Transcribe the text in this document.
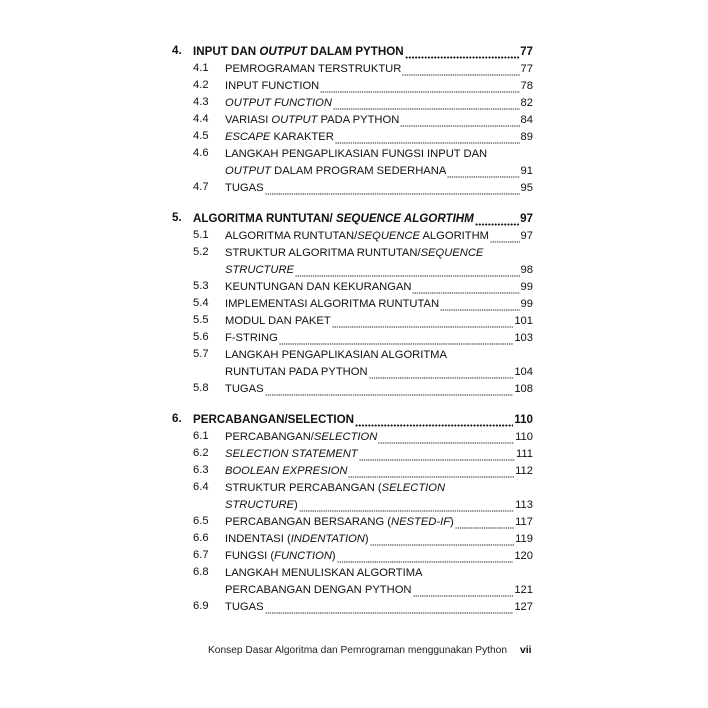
4. INPUT DAN OUTPUT DALAM PYTHON	77
4.1 PEMROGRAMAN TERSTRUKTUR	77
4.2 INPUT FUNCTION	78
4.3 OUTPUT FUNCTION	82
4.4 VARIASI OUTPUT PADA PYTHON	84
4.5 ESCAPE KARAKTER	89
4.6 LANGKAH PENGAPLIKASIAN FUNGSI INPUT DAN
OUTPUT DALAM PROGRAM SEDERHANA	91
4.7 TUGAS	95
5. ALGORITMA RUNTUTAN/ SEQUENCE ALGORTIHM	97
5.1 ALGORITMA RUNTUTAN/SEQUENCE ALGORITHM	97
5.2 STRUKTUR ALGORITMA RUNTUTAN/SEQUENCE
STRUCTURE	98
5.3 KEUNTUNGAN DAN KEKURANGAN	99
5.4 IMPLEMENTASI ALGORITMA RUNTUTAN	99
5.5 MODUL DAN PAKET	101
5.6 F-STRING	103
5.7 LANGKAH PENGAPLIKASIAN ALGORITMA
RUNTUTAN PADA PYTHON	104
5.8 TUGAS	108
6. PERCABANGAN/SELECTION	110
6.1 PERCABANGAN/SELECTION	110
6.2 SELECTION STATEMENT	111
6.3 BOOLEAN EXPRESION	112
6.4 STRUKTUR PERCABANGAN (SELECTION
STRUCTURE)	113
6.5 PERCABANGAN BERSARANG (NESTED-IF)	117
6.6 INDENTASI (INDENTATION)	119
6.7 FUNGSI (FUNCTION)	120
6.8 LANGKAH MENULISKAN ALGORTIMA
PERCABANGAN DENGAN PYTHON	121
6.9 TUGAS	127
Konsep Dasar Algoritma dan Pemrograman menggunakan Python vii
